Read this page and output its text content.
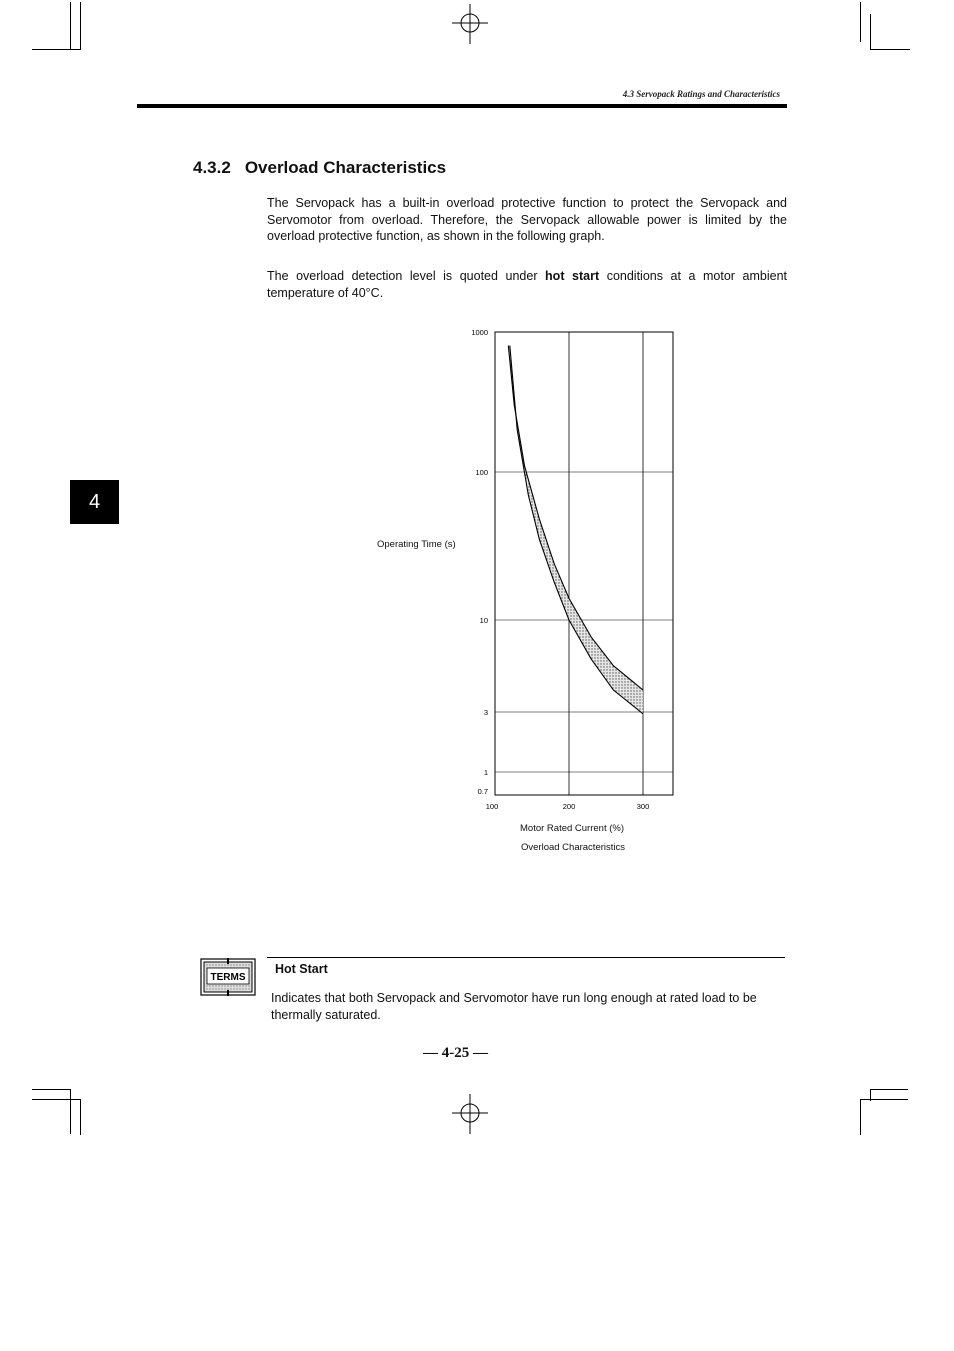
4.3 Servopack Ratings and Characteristics
4.3.2 Overload Characteristics
The Servopack has a built-in overload protective function to protect the Servopack and Servomotor from overload. Therefore, the Servopack allowable power is limited by the overload protective function, as shown in the following graph.
The overload detection level is quoted under hot start conditions at a motor ambient temperature of 40°C.
4
1000
100
10
3
1
0.7
100	200	300
Operating Time (s)
Motor Rated Current (%)
Overload Characteristics
TERMS
Hot Start
Indicates that both Servopack and Servomotor have run long enough at rated load to be thermally saturated.
— 4-25 —
